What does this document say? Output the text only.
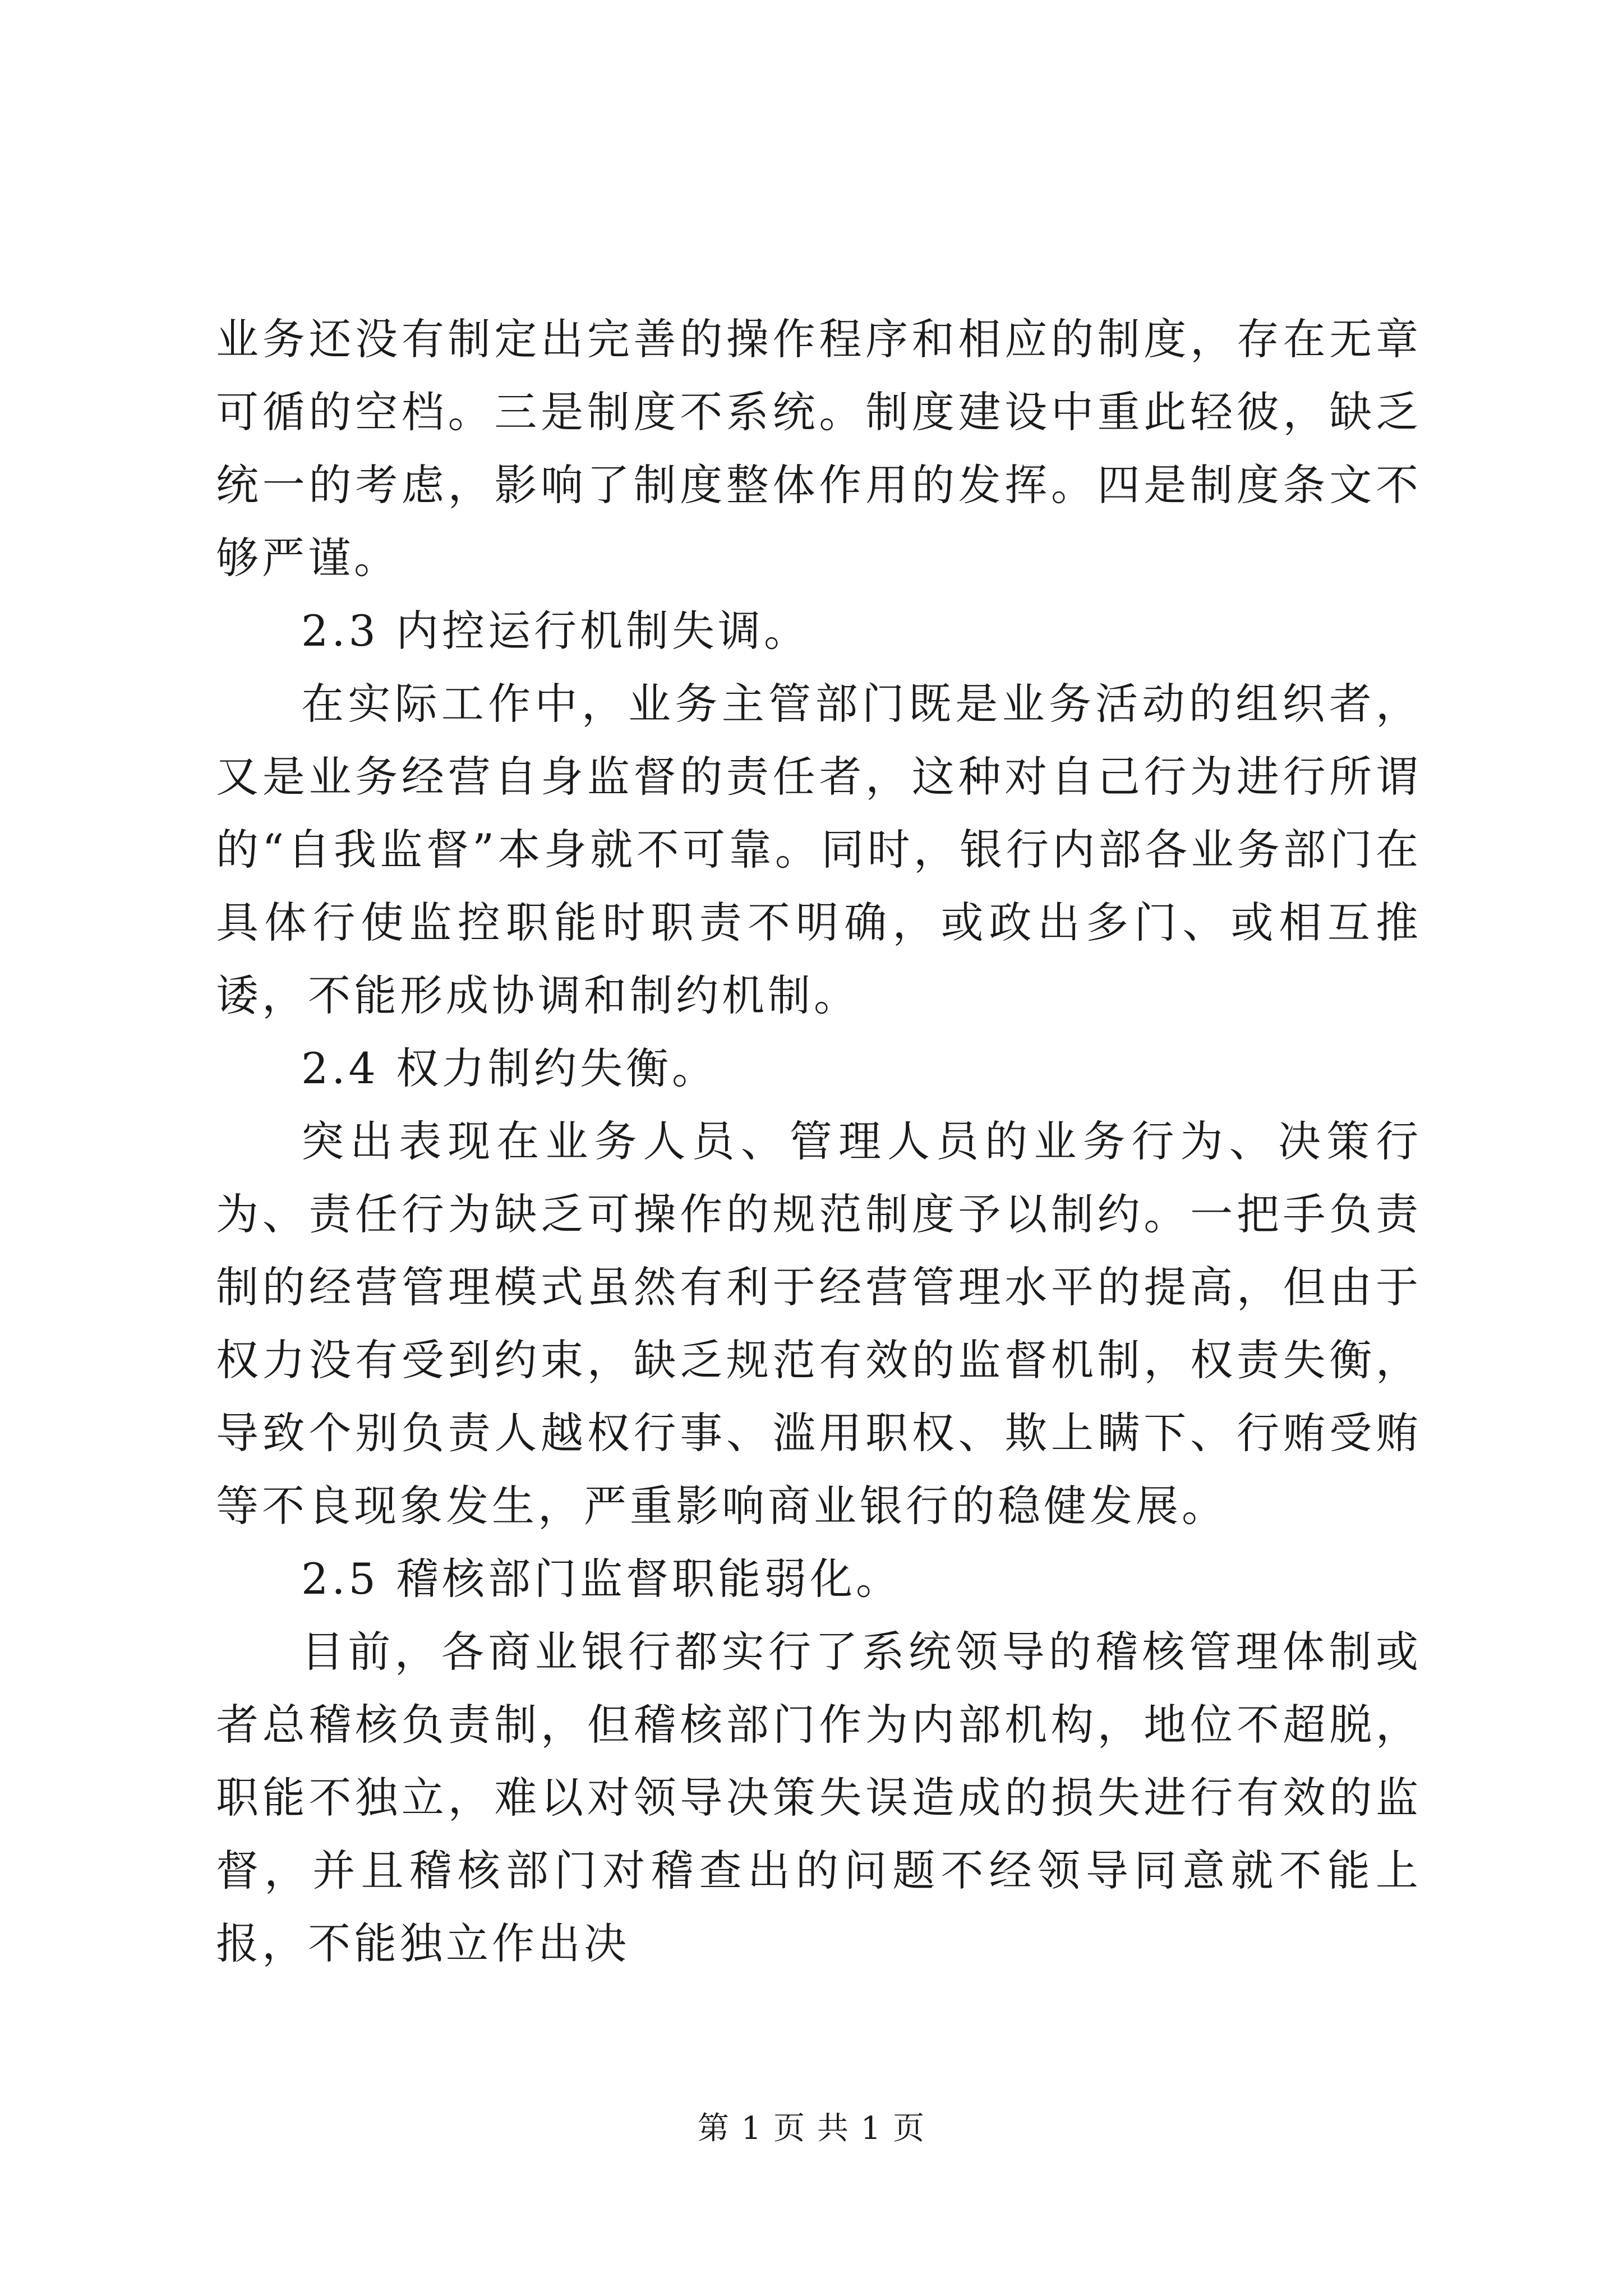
业务还没有制定出完善的操作程序和相应的制度，存在无章可循的空档。三是制度不系统。制度建设中重此轻彼，缺乏统一的考虑，影响了制度整体作用的发挥。四是制度条文不够严谨。

2.3 内控运行机制失调。

在实际工作中，业务主管部门既是业务活动的组织者，又是业务经营自身监督的责任者，这种对自己行为进行所谓的“自我监督”本身就不可靠。同时，银行内部各业务部门在具体行使监控职能时职责不明确，或政出多门、或相互推诿，不能形成协调和制约机制。

2.4 权力制约失衡。

突出表现在业务人员、管理人员的业务行为、决策行为、责任行为缺乏可操作的规范制度予以制约。一把手负责制的经营管理模式虽然有利于经营管理水平的提高，但由于权力没有受到约束，缺乏规范有效的监督机制，权责失衡，导致个别负责人越权行事、滥用职权、欺上瞒下、行贿受贿等不良现象发生，严重影响商业银行的稳健发展。

2.5 稽核部门监督职能弱化。

目前，各商业银行都实行了系统领导的稽核管理体制或者总稽核负责制，但稽核部门作为内部机构，地位不超脱，职能不独立，难以对领导决策失误造成的损失进行有效的监督，并且稽核部门对稽查出的问题不经领导同意就不能上报，不能独立作出决

第 1 页 共 1 页
